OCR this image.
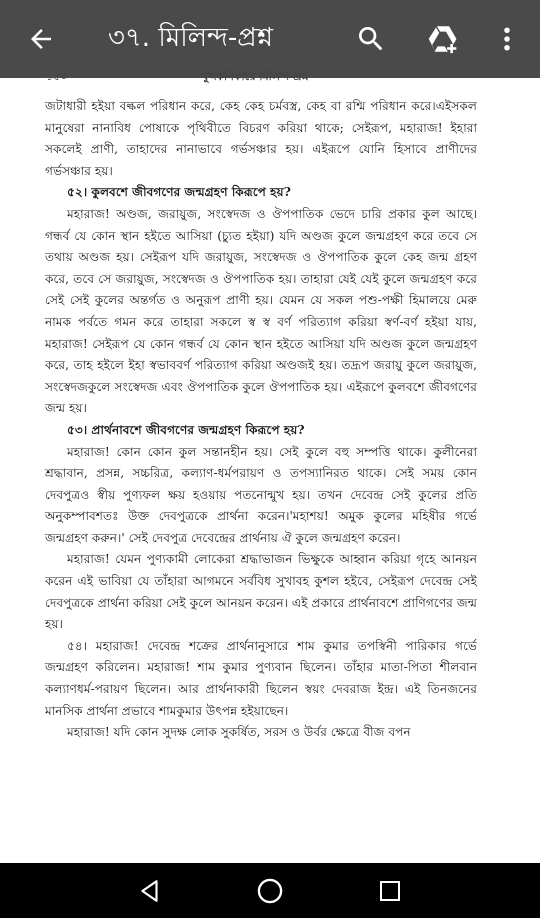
৩৭. মিলিন্দ-প্রশ্ন
১৫০	খুদ্দকনিকায়ে মিলিন্দ-প্রশ্ন

জটাধারী হইয়া বল্কল পরিধান করে, কেহ কেহ চর্মবস্ত্র, কেহ বা রশ্মি পরিধান করে।এইসকল মানুষেরা নানাবিধ পোষাকে পৃথিবীতে বিচরণ করিয়া থাকে; সেইরূপ, মহারাজ! ইহারা সকলেই প্রাণী, তাহাদের নানাভাবে গর্ভসঞ্চার হয়। এইরূপে যোনি হিসাবে প্রাণীদের গর্ভসঞ্চার হয়।

৫২। কুলবশে জীবগণের জন্মগ্রহণ কিরূপে হয়?

মহারাজ! অণ্ডজ, জরায়ুজ, সংস্বেদজ ও ঔপপাতিক ভেদে চারি প্রকার কুল আছে। গন্ধর্ব যে কোন স্থান হইতে আসিয়া (চ্যুত হইয়া) যদি অণ্ডজ কুলে জন্মগ্রহণ করে তবে সে তথায় অণ্ডজ হয়। সেইরূপ যদি জরায়ুজ, সংস্বেদজ ও ঔপপাতিক কুলে কেহ জন্ম গ্রহণ করে, তবে সে জরায়ুজ, সংস্বেদজ ও ঔপপাতিক হয়। তাহারা যেই যেই কুলে জন্মগ্রহণ করে সেই সেই কুলের অন্তর্গত ও অনুরূপ প্রাণী হয়। যেমন যে সকল পশু-পক্ষী হিমালয়ে মেরু নামক পর্বতে গমন করে তাহারা সকলে স্ব স্ব বর্ণ পরিত্যাগ করিয়া স্বর্ণ-বর্ণ হইয়া যায়, মহারাজ! সেইরূপ যে কোন গন্ধর্ব যে কোন স্থান হইতে আসিয়া যদি অণ্ডজ কুলে জন্মগ্রহণ করে, তাহ হইলে ইহা স্বভাববর্ণ পরিত্যাগ করিয়া অণ্ডজই হয়। তদ্রূপ জরায়ু কুলে জরায়ুজ, সংস্বেদজকুলে সংস্বেদজ এবং ঔপপাতিক কুলে ঔপপাতিক হয়। এইরূপে কুলবশে জীবগণের জন্ম হয়।

৫৩। প্রার্থনাবশে জীবগণের জন্মগ্রহণ কিরূপে হয়?

মহারাজ! কোন কোন কুল সন্তানহীন হয়। সেই কুলে বহু সম্পত্তি থাকে। কুলীনেরা শ্রদ্ধাবান, প্রসন্ন, সচ্চরিত্র, কল্যাণ-ধর্মপরায়ণ ও তপস্যানিরত থাকে। সেই সময় কোন দেবপুত্রও স্বীয় পুণ্যফল ক্ষয় হওয়ায় পতনোন্মুখ হয়। তখন দেবেন্দ্র সেই কুলের প্রতি অনুকম্পাবশতঃ উক্ত দেবপুত্রকে প্রার্থনা করেন।'মহাশয়! অমুক কুলের মহিষীর গর্ভে জন্মগ্রহণ করুন।' সেই দেবপুত্র দেবেন্দ্রের প্রার্থনায় ঐ কুলে জন্মগ্রহণ করেন।

মহারাজ! যেমন পুণ্যকামী লোকেরা শ্রদ্ধাভাজন ভিক্ষুকে আহ্বান করিয়া গৃহে আনয়ন করেন এই ভাবিয়া যে তাঁহারা আগমনে সর্ববিধ সুখাবহ কুশল হইবে, সেইরূপ দেবেন্দ্র সেই দেবপুত্রকে প্রার্থনা করিয়া সেই কুলে আনয়ন করেন। এই প্রকারে প্রার্থনাবশে প্রাণিগণের জন্ম হয়।

৫৪। মহারাজ! দেবেন্দ্র শক্রের প্রার্থনানুসারে শাম কুমার তপস্বিনী পারিকার গর্ভে জন্মগ্রহণ করিলেন। মহারাজ! শাম কুমার পুণ্যবান ছিলেন। তাঁহার মাতা-পিতা শীলবান কল্যাণধর্ম-পরায়ণ ছিলেন। আর প্রার্থনাকারী ছিলেন স্বয়ং দেবরাজ ইন্দ্র। এই তিনজনের মানসিক প্রার্থনা প্রভাবে শামকুমার উৎপন্ন হইয়াছেন।

মহারাজ! যদি কোন সুদক্ষ লোক সুকর্ষিত, সরস ও উর্বর ক্ষেত্রে বীজ বপন
